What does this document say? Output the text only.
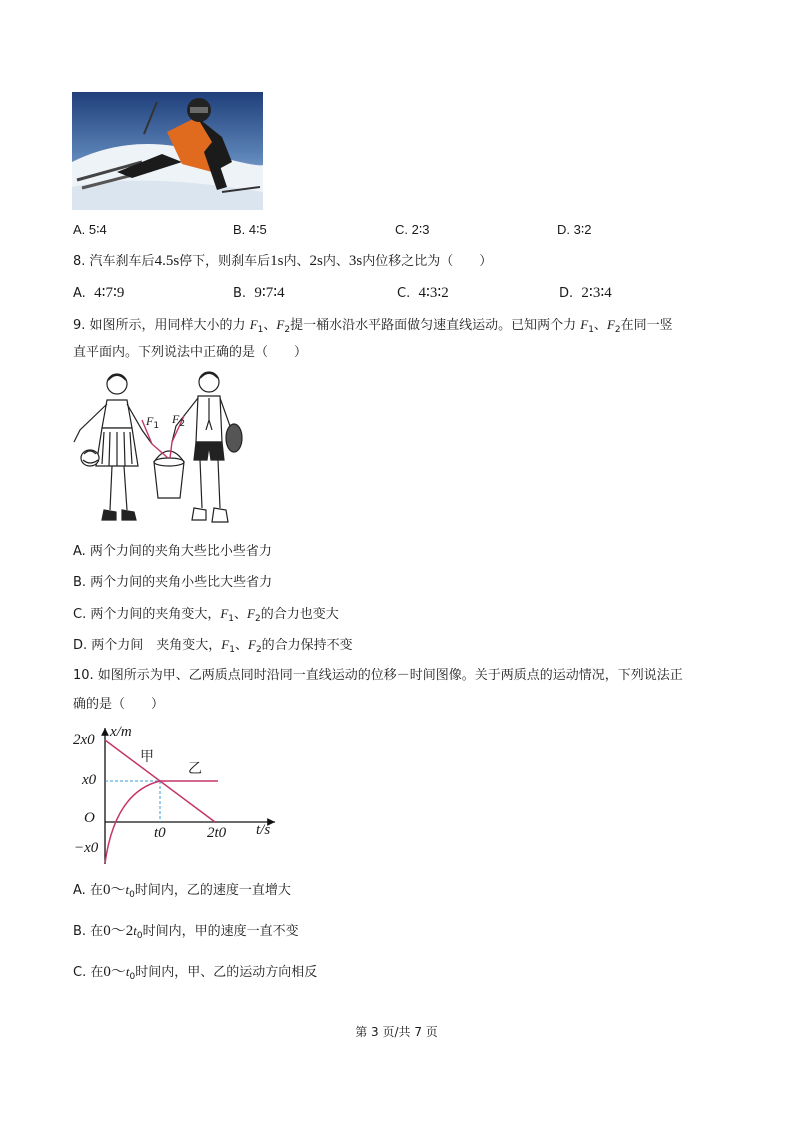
A. 5∶4	B. 4∶5	C. 2∶3	D. 3∶2
8. 汽车刹车后4.5s停下，则刹车后1s内、2s内、3s内位移之比为（　　）
A. 4∶7∶9	B. 9∶7∶4	C. 4∶3∶2	D. 2∶3∶4
9. 如图所示，用同样大小的力 $F_1$、$F_2$提一桶水沿水平路面做匀速直线运动。已知两个力 $F_1$、$F_2$在同一竖
直平面内。下列说法中正确的是（　　）
$F_1$ $F_2$
A. 两个力间的夹角大些比小些省力
B. 两个力间的夹角小些比大些省力
C. 两个力间的夹角变大，$F_1$、$F_2$的合力也变大
D. 两个力间　夹角变大，$F_1$、$F_2$的合力保持不变
10. 如图所示为甲、乙两质点同时沿同一直线运动的位移－时间图像。关于两质点的运动情况，下列说法正
确的是（　　）
x/m
t/s
O
2x0
x0
−x0
t0	2t0
甲
乙
A. 在$0\sim t_0$时间内，乙的速度一直增大
B. 在$0\sim 2t_0$时间内，甲的速度一直不变
C. 在$0\sim t_0$时间内，甲、乙的运动方向相反
第 3 页/共 7 页
